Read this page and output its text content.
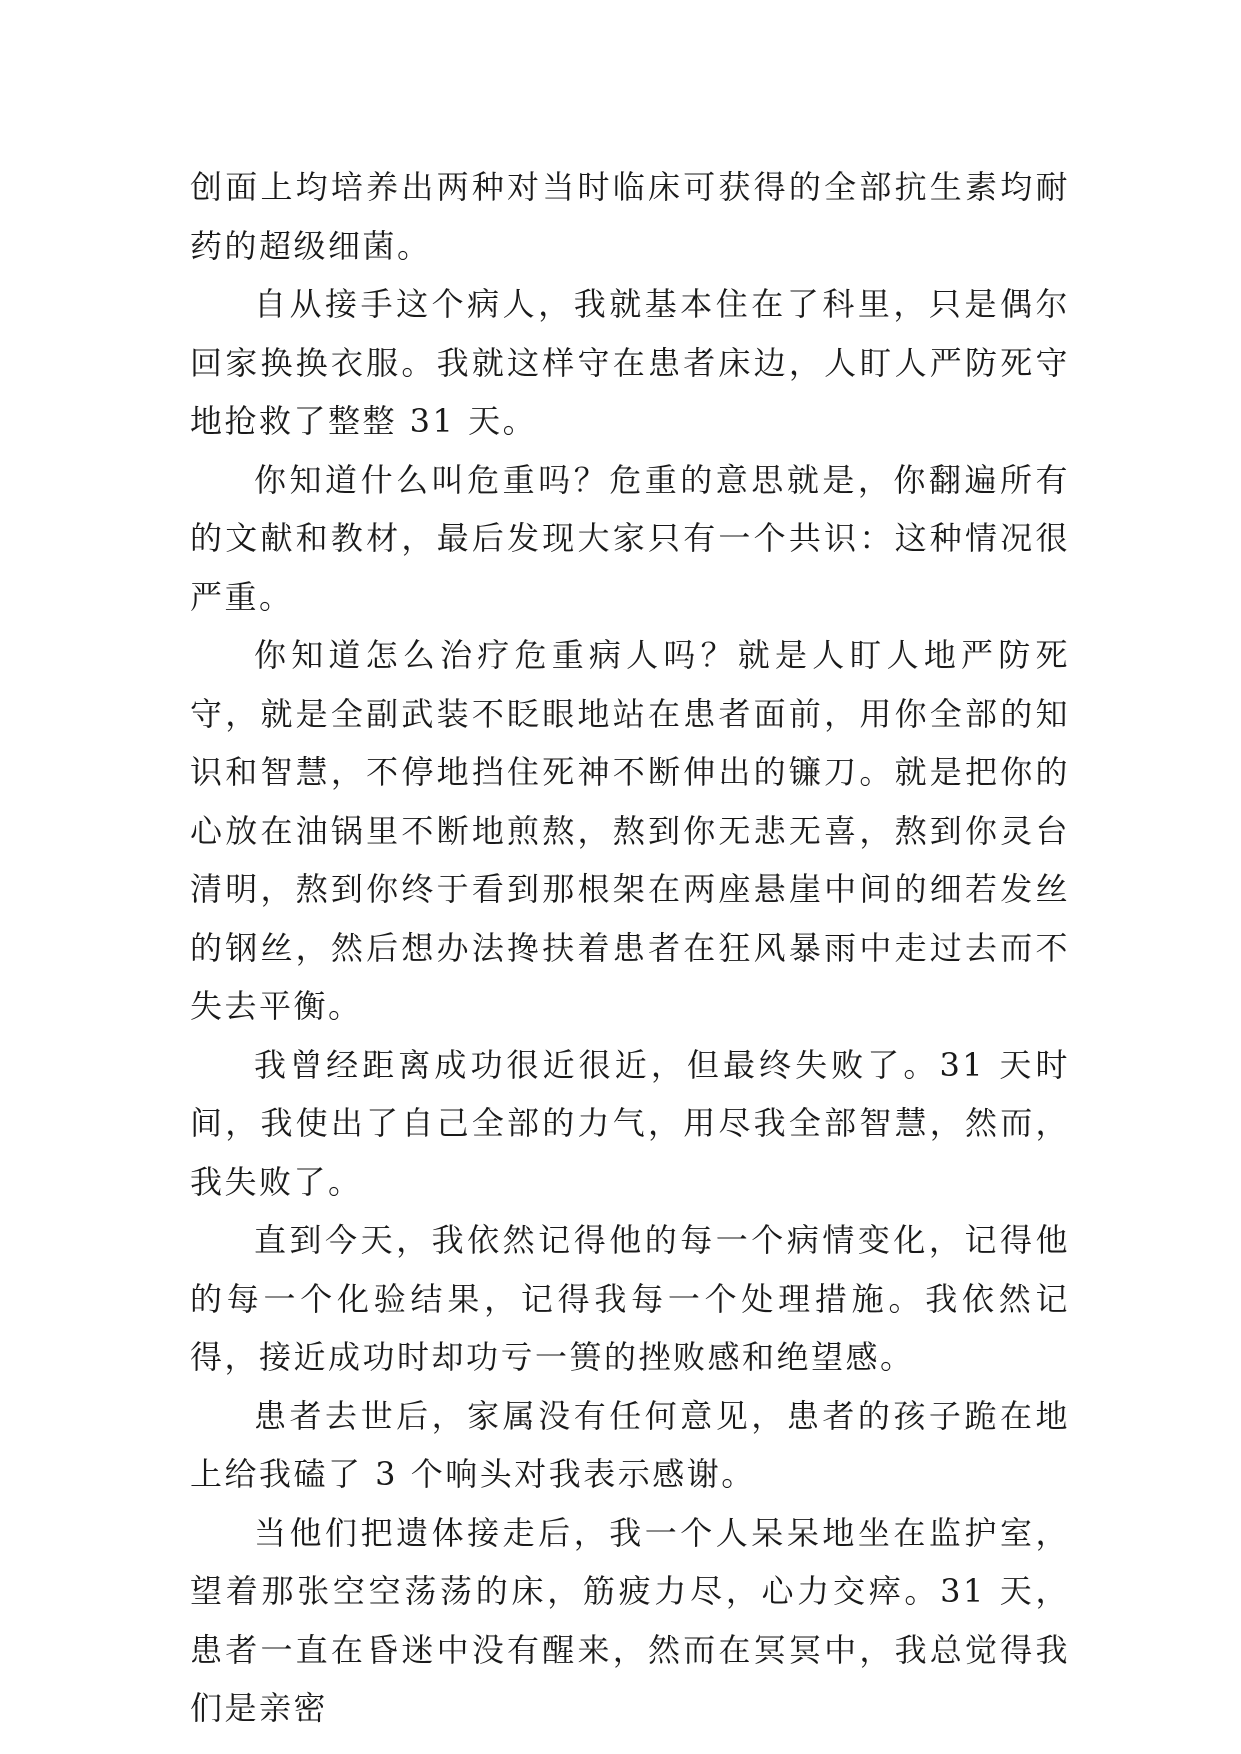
创面上均培养出两种对当时临床可获得的全部抗生素均耐药的超级细菌。

自从接手这个病人，我就基本住在了科里，只是偶尔回家换换衣服。我就这样守在患者床边，人盯人严防死守地抢救了整整 31 天。

你知道什么叫危重吗？危重的意思就是，你翻遍所有的文献和教材，最后发现大家只有一个共识：这种情况很严重。

你知道怎么治疗危重病人吗？就是人盯人地严防死守，就是全副武装不眨眼地站在患者面前，用你全部的知识和智慧，不停地挡住死神不断伸出的镰刀。就是把你的心放在油锅里不断地煎熬，熬到你无悲无喜，熬到你灵台清明，熬到你终于看到那根架在两座悬崖中间的细若发丝的钢丝，然后想办法搀扶着患者在狂风暴雨中走过去而不失去平衡。

我曾经距离成功很近很近，但最终失败了。31 天时间，我使出了自己全部的力气，用尽我全部智慧，然而，我失败了。

直到今天，我依然记得他的每一个病情变化，记得他的每一个化验结果，记得我每一个处理措施。我依然记得，接近成功时却功亏一篑的挫败感和绝望感。

患者去世后，家属没有任何意见，患者的孩子跪在地上给我磕了 3 个响头对我表示感谢。

当他们把遗体接走后，我一个人呆呆地坐在监护室，望着那张空空荡荡的床，筋疲力尽，心力交瘁。31 天，患者一直在昏迷中没有醒来，然而在冥冥中，我总觉得我们是亲密
